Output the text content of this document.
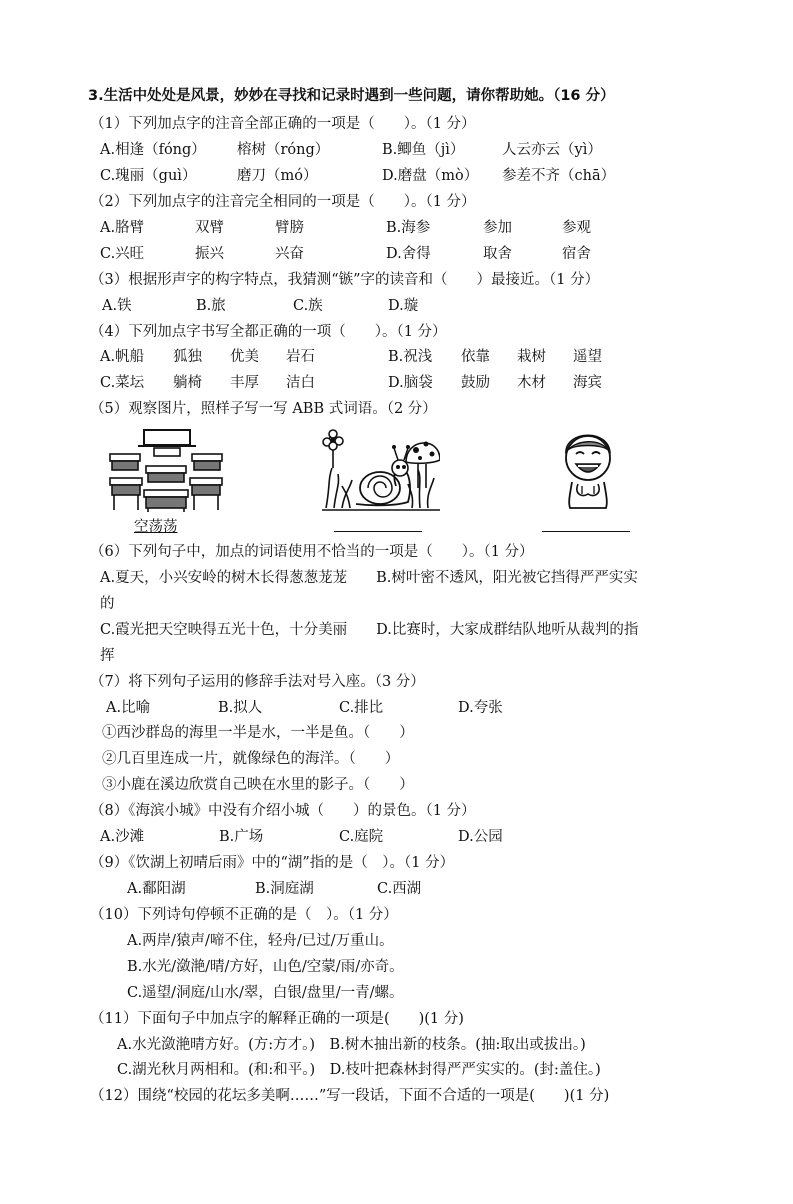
3.生活中处处是风景，妙妙在寻找和记录时遇到一些问题，请你帮助她。（16 分）
（1）下列加点字的注音全部正确的一项是（　　）。（1 分）
A.相逢（fóng） 榕树（róng）	B.鲫鱼（jì）	人云亦云（yì）
C.瑰丽（guì）	磨刀（mó）	D.磨盘（mò） 参差不齐（chā）
（2）下列加点字的注音完全相同的一项是（　　）。（1 分）
A.胳臂	双臂	臂膀	B.海参	参加	参观
C.兴旺	振兴	兴奋	D.舍得	取舍	宿舍
（3）根据形声字的构字特点，我猜测“镞”字的读音和（　　）最接近。（1 分）
A.铁	B.旅	C.族	D.璇
（4）下列加点字书写全都正确的一项（　　）。（1 分）
A.帆船 狐独 优美 岩石	B.祝浅 依靠 栽树 遥望
C.菜坛 躺椅 丰厚 洁白	D.脑袋 鼓励 木材 海宾
（5）观察图片，照样子写一写 ABB 式词语。（2 分）
空荡荡
（6）下列句子中，加点的词语使用不恰当的一项是（　　）。（1 分）
A.夏天，小兴安岭的树木长得葱葱茏茏　　B.树叶密不透风，阳光被它挡得严严实实
的
C.霞光把天空映得五光十色，十分美丽　　D.比赛时，大家成群结队地听从裁判的指
挥
（7）将下列句子运用的修辞手法对号入座。（3 分）
A.比喻	B.拟人	C.排比	D.夸张
①西沙群岛的海里一半是水，一半是鱼。（　　）
②几百里连成一片，就像绿色的海洋。（　　）
③小鹿在溪边欣赏自己映在水里的影子。（　　）
（8）《海滨小城》中没有介绍小城（　　）的景色。（1 分）
A.沙滩	B.广场	C.庭院	D.公园
（9）《饮湖上初晴后雨》中的“湖”指的是（　）。（1 分）
A.鄱阳湖	B.洞庭湖	C.西湖
（10）下列诗句停顿不正确的是（　）。（1 分）
A.两岸/猿声/啼不住，轻舟/已过/万重山。
B.水光/潋滟/晴/方好，山色/空蒙/雨/亦奇。
C.遥望/洞庭/山水/翠，白银/盘里/一青/螺。
（11）下面句子中加点字的解释正确的一项是(　　)(1 分)
A.水光潋滟晴方好。(方:方才。)　B.树木抽出新的枝条。(抽:取出或拔出。)
C.湖光秋月两相和。(和:和平。)　D.枝叶把森林封得严严实实的。(封:盖住。)
（12）围绕“校园的花坛多美啊……”写一段话，下面不合适的一项是(　　)(1 分)
